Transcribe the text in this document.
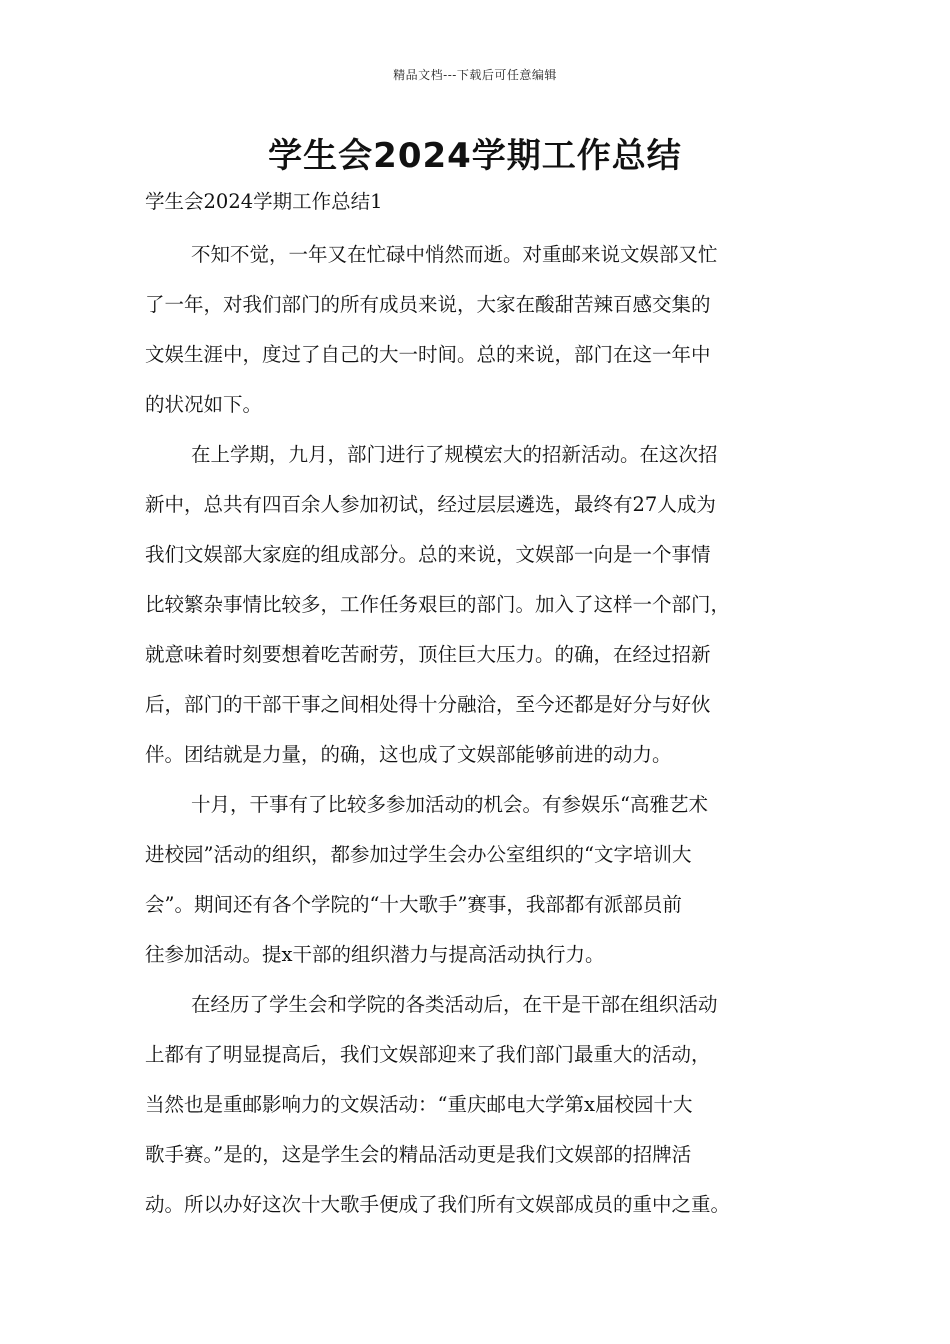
精品文档---下载后可任意编辑
学生会2024学期工作总结
学生会2024学期工作总结1
不知不觉，一年又在忙碌中悄然而逝。对重邮来说文娱部又忙
了一年，对我们部门的所有成员来说，大家在酸甜苦辣百感交集的
文娱生涯中，度过了自己的大一时间。总的来说，部门在这一年中
的状况如下。
在上学期，九月，部门进行了规模宏大的招新活动。在这次招
新中，总共有四百余人参加初试，经过层层遴选，最终有27人成为
我们文娱部大家庭的组成部分。总的来说，文娱部一向是一个事情
比较繁杂事情比较多，工作任务艰巨的部门。加入了这样一个部门，
就意味着时刻要想着吃苦耐劳，顶住巨大压力。的确，在经过招新
后，部门的干部干事之间相处得十分融洽，至今还都是好分与好伙
伴。团结就是力量，的确，这也成了文娱部能够前进的动力。
十月，干事有了比较多参加活动的机会。有参娱乐“高雅艺术
进校园”活动的组织，都参加过学生会办公室组织的“文字培训大
会”。期间还有各个学院的“十大歌手”赛事，我部都有派部员前
往参加活动。提x干部的组织潜力与提高活动执行力。
在经历了学生会和学院的各类活动后，在干是干部在组织活动
上都有了明显提高后，我们文娱部迎来了我们部门最重大的活动，
当然也是重邮影响力的文娱活动：“重庆邮电大学第x届校园十大
歌手赛。”是的，这是学生会的精品活动更是我们文娱部的招牌活
动。所以办好这次十大歌手便成了我们所有文娱部成员的重中之重。
